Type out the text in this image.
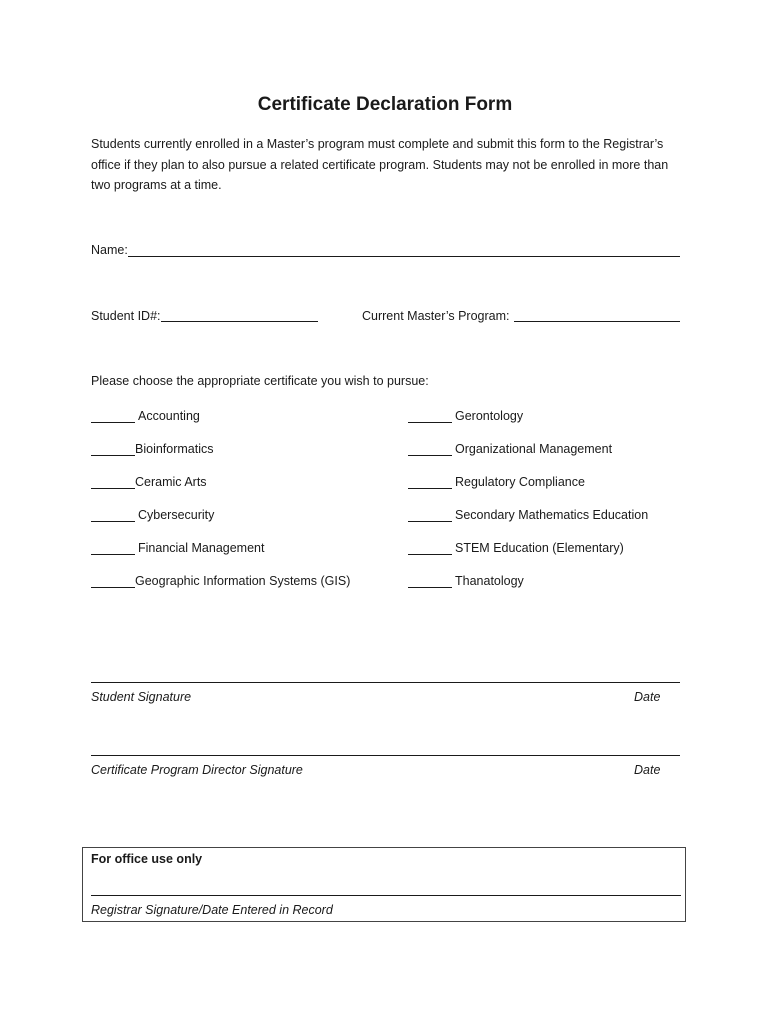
Certificate Declaration Form
Students currently enrolled in a Master’s program must complete and submit this form to the Registrar’s office if they plan to also pursue a related certificate program. Students may not be enrolled in more than two programs at a time.
Name:
Student ID#:	Current Master’s Program:
Please choose the appropriate certificate you wish to pursue:
Accounting
Bioinformatics
Ceramic Arts
Cybersecurity
Financial Management
Geographic Information Systems (GIS)
Gerontology
Organizational Management
Regulatory Compliance
Secondary Mathematics Education
STEM Education (Elementary)
Thanatology
Student Signature	Date
Certificate Program Director Signature	Date
For office use only
Registrar Signature/Date Entered in Record
